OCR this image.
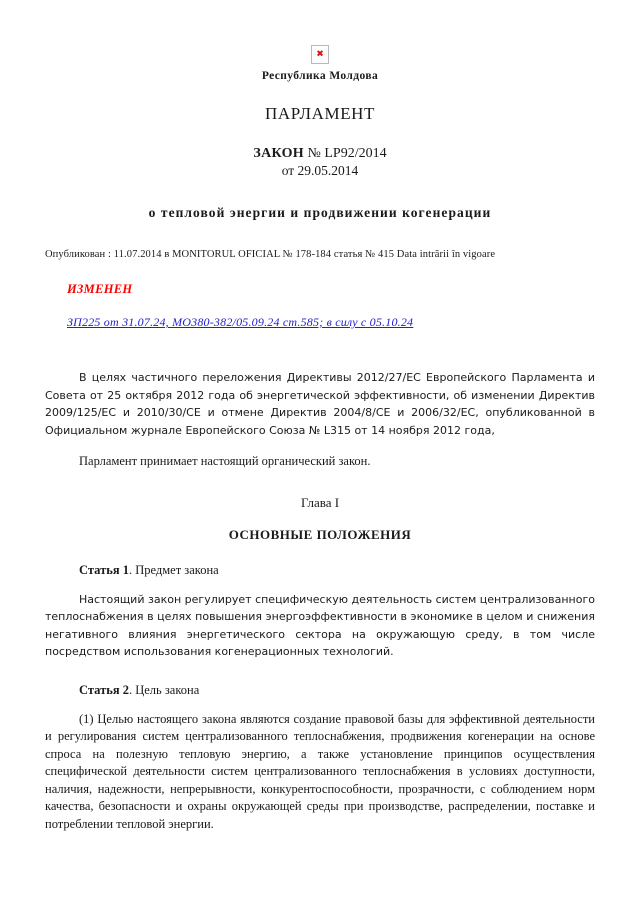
✖
Республика Молдова
ПАРЛАМЕНТ
ЗАКОН № LP92/2014
от 29.05.2014
о тепловой энергии и продвижении когенерации
Опубликован : 11.07.2014 в MONITORUL OFICIAL № 178-184 статья № 415 Data intrării în vigoare
ИЗМЕНЕН
ЗП225 от 31.07.24, МО380-382/05.09.24 ст.585; в силу с 05.10.24
В целях частичного переложения Директивы 2012/27/ЕС Европейского Парламента и Совета от 25 октября 2012 года об энергетической эффективности, об изменении Директив 2009/125/ЕС и 2010/30/СЕ и отмене Директив 2004/8/СЕ и 2006/32/ЕС, опубликованной в Официальном журнале Европейского Союза № L315 от 14 ноября 2012 года,
Парламент принимает настоящий органический закон.
Глава I
ОСНОВНЫЕ ПОЛОЖЕНИЯ
Статья 1. Предмет закона
Настоящий закон регулирует специфическую деятельность систем централизованного теплоснабжения в целях повышения энергоэффективности в экономике в целом и снижения негативного влияния энергетического сектора на окружающую среду, в том числе посредством использования когенерационных технологий.
Статья 2. Цель закона
(1) Целью настоящего закона являются создание правовой базы для эффективной деятельности и регулирования систем централизованного теплоснабжения, продвижения когенерации на основе спроса на полезную тепловую энергию, а также установление принципов осуществления специфической деятельности систем централизованного теплоснабжения в условиях доступности, наличия, надежности, непрерывности, конкурентоспособности, прозрачности, с соблюдением норм качества, безопасности и охраны окружающей среды при производстве, распределении, поставке и потреблении тепловой энергии.
